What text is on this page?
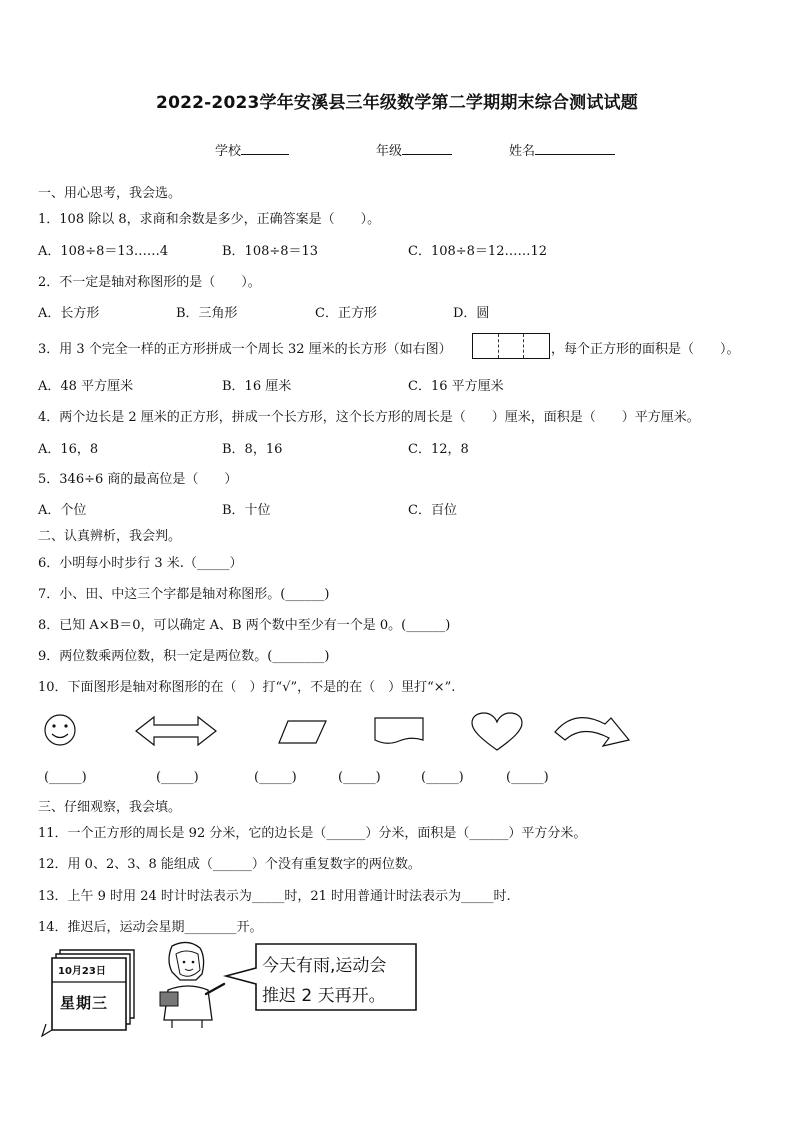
2022-2023学年安溪县三年级数学第二学期期末综合测试试题
学校	年级	姓名
一、用心思考，我会选。
1．108 除以 8，求商和余数是多少，正确答案是（　　）。
A．108÷8＝13……4	B．108÷8＝13	C．108÷8＝12……12
2．不一定是轴对称图形的是（　　）。
A．长方形	B．三角形	C．正方形	D．圆
3．用 3 个完全一样的正方形拼成一个周长 32 厘米的长方形（如右图）	，每个正方形的面积是（　　）。
A．48 平方厘米	B．16 厘米	C．16 平方厘米
4．两个边长是 2 厘米的正方形，拼成一个长方形，这个长方形的周长是（　　）厘米，面积是（　　）平方厘米。
A．16，8	B．8，16	C．12，8
5．346÷6 商的最高位是（　　）
A．个位	B．十位	C．百位
二、认真辨析，我会判。
6．小明每小时步行 3 米.（_____）
7．小、田、中这三个字都是轴对称图形。(______)
8．已知 A×B＝0，可以确定 A、B 两个数中至少有一个是 0。(______)
9．两位数乘两位数，积一定是两位数。(________)
10．下面图形是轴对称图形的在（　）打“√”，不是的在（　）里打“×”.
(_____)	(_____)	(_____)	(_____)	(_____)	(_____)
三、仔细观察，我会填。
11．一个正方形的周长是 92 分米，它的边长是（______）分米，面积是（______）平方分米。
12．用 0、2、3、8 能组成（______）个没有重复数字的两位数。
13．上午 9 时用 24 时计时法表示为_____时，21 时用普通计时法表示为_____时.
14．推迟后，运动会星期________开。
10月23日
星期三
今天有雨,运动会
推迟 2 天再开。
